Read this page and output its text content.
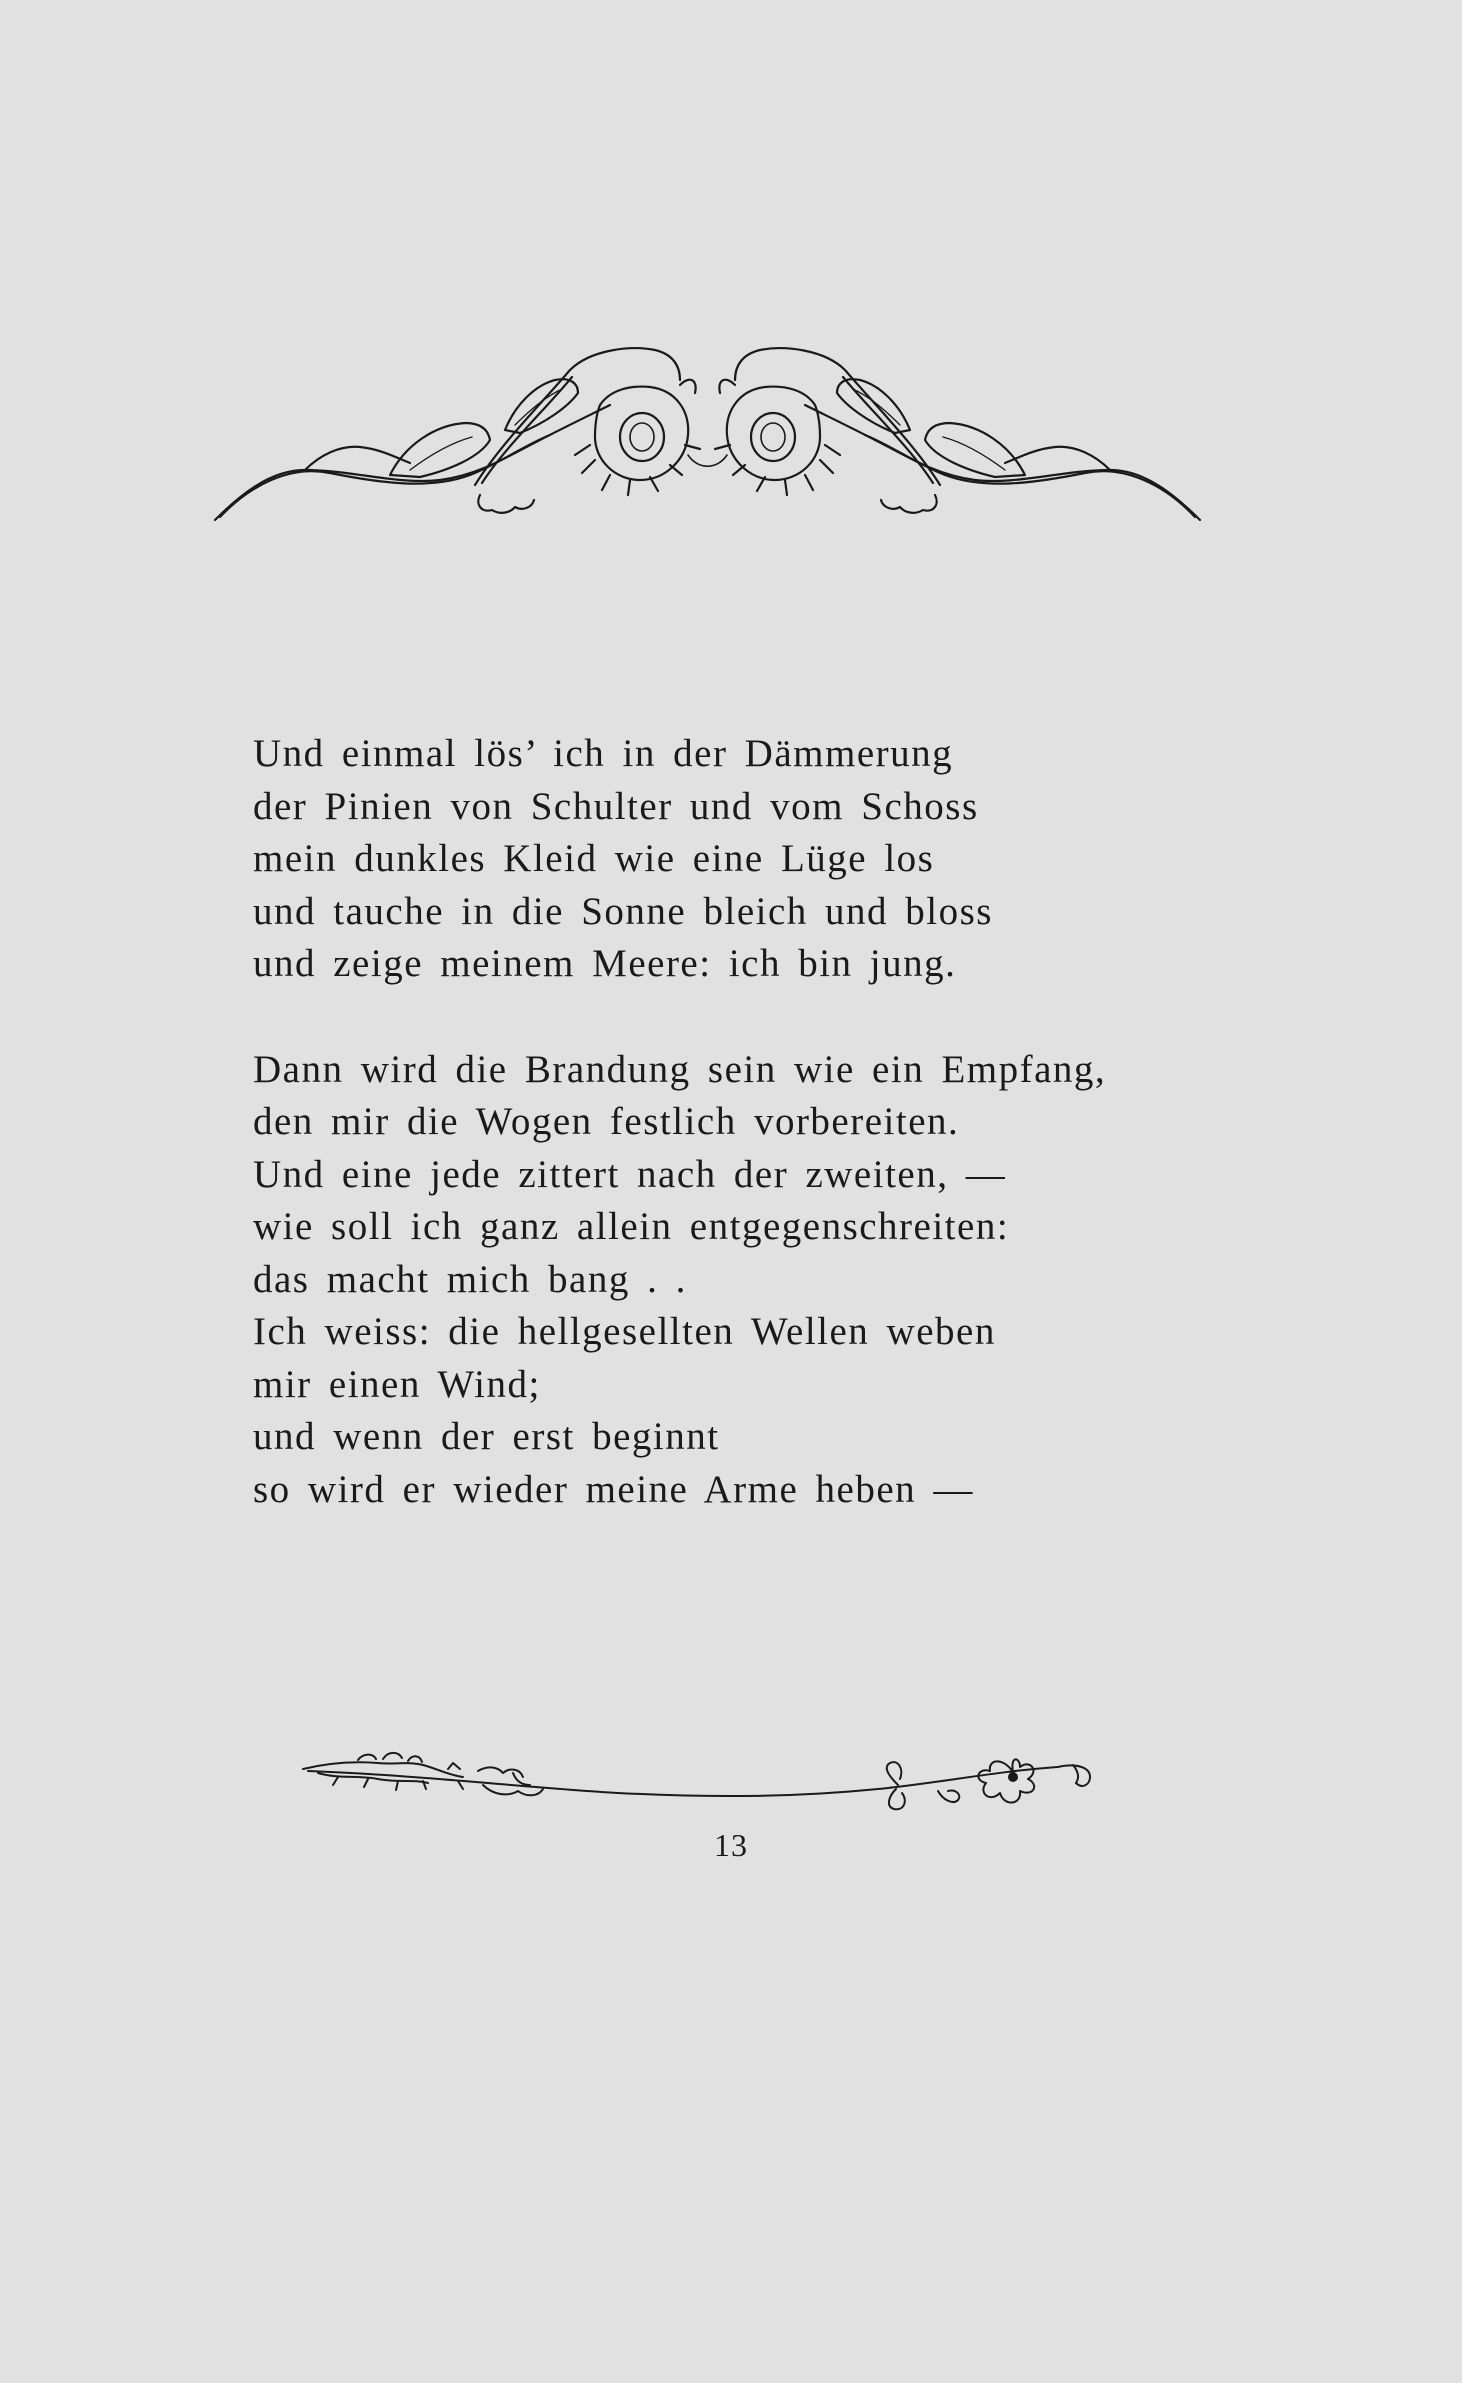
Und einmal lös’ ich in der Dämmerung
der Pinien von Schulter und vom Schoss
mein dunkles Kleid wie eine Lüge los
und tauche in die Sonne bleich und bloss
und zeige meinem Meere: ich bin jung.
Dann wird die Brandung sein wie ein Empfang,
den mir die Wogen festlich vorbereiten.
Und eine jede zittert nach der zweiten, —
wie soll ich ganz allein entgegenschreiten:
das macht mich bang . .
Ich weiss: die hellgesellten Wellen weben
mir einen Wind;
und wenn der erst beginnt
so wird er wieder meine Arme heben —
13
